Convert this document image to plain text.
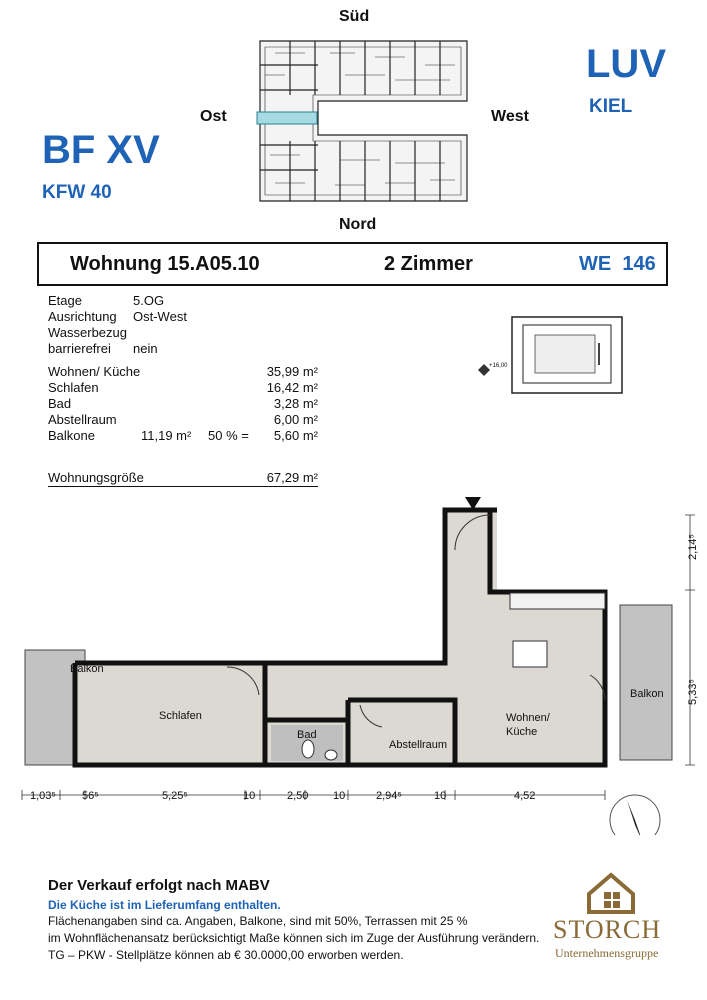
Süd
Nord
Ost	West
BF XV
KFW 40
LUV
KIEL
Wohnung 15.A05.10	2 Zimmer	WE  146
Etage	5.OG
Ausrichtung	Ost-West
Wasserbezug
barrierefrei	nein
Wohnen/ Küche	35,99 m²
Schlafen	16,42 m²
Bad	3,28 m²
Abstellraum	6,00 m²
Balkone	11,19 m²	50 % =	5,60 m²
Wohnungsgröße	67,29 m²
+16,00
Balkon
Schlafen
Bad
Abstellraum
Wohnen/
Küche
Balkon
1,03⁵ 56⁵	5,25⁵	10	2,50 10	2,94⁵	10	4,52
2,14⁵
5,33⁵
Der Verkauf erfolgt nach MABV
Die Küche ist im Lieferumfang enthalten.
Flächenangaben sind ca. Angaben, Balkone, sind mit 50%, Terrassen mit 25 %
im Wohnflächenansatz berücksichtigt Maße können sich im Zuge der Ausführung verändern.
TG – PKW - Stellplätze können ab € 30.0000,00 erworben werden.
STORCH
Unternehmensgruppe
